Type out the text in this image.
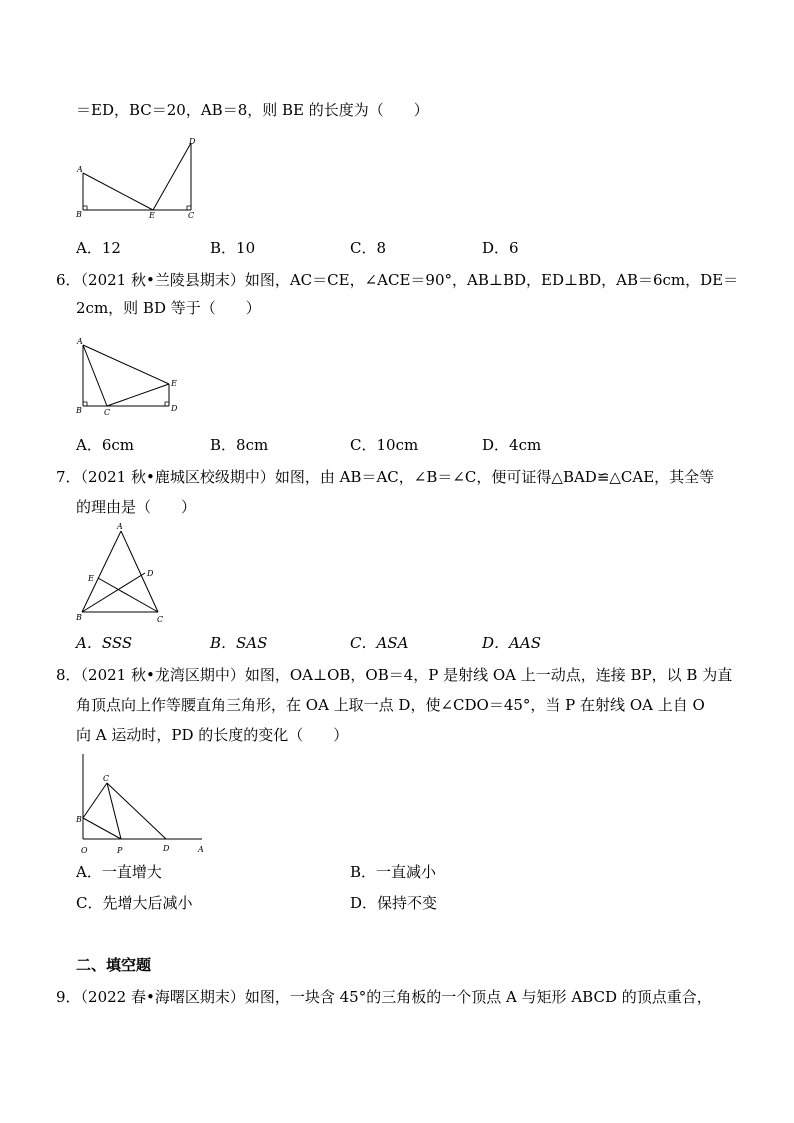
＝ED，BC＝20，AB＝8，则 BE 的长度为（　　）
A
B	E	C
D
A．12	B．10	C．8	D．6
6．（2021 秋•兰陵县期末）如图，AC＝CE，∠ACE＝90°，AB⊥BD，ED⊥BD，AB＝6cm，DE＝
2cm，则 BD 等于（　　）
A
B	C	D
E
A．6cm	B．8cm	C．10cm	D．4cm
7．（2021 秋•鹿城区校级期中）如图，由 AB＝AC，∠B＝∠C，便可证得△BAD≌△CAE，其全等
的理由是（　　）
A
E
D
B	C
A．SSS	B．SAS	C．ASA	D．AAS
8．（2021 秋•龙湾区期中）如图，OA⊥OB，OB＝4，P 是射线 OA 上一动点，连接 BP，以 B 为直
角顶点向上作等腰直角三角形，在 OA 上取一点 D，使∠CDO＝45°，当 P 在射线 OA 上自 O
向 A 运动时，PD 的长度的变化（　　）
C
B
O	P	D	A
A．一直增大	B．一直减小
C．先增大后减小	D．保持不变
二、填空题
9．（2022 春•海曙区期末）如图，一块含 45°的三角板的一个顶点 A 与矩形 ABCD 的顶点重合，
